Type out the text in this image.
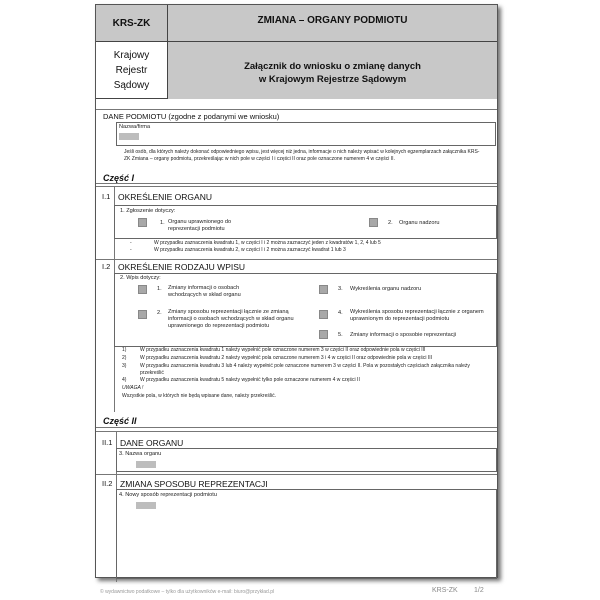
KRS-ZK
Krajowy
Rejestr
Sądowy
ZMIANA – ORGANY PODMIOTU
Załącznik do wniosku o zmianę danych
w Krajowym Rejestrze Sądowym
DANE PODMIOTU (zgodne z podanymi we wniosku)
Nazwa/firma
Jeśli osób, dla których należy dokonać odpowiedniego wpisu, jest więcej niż jedna, informacje o nich należy wpisać w kolejnych egzemplarzach załącznika KRS-ZK Zmiana – organy podmiotu, przekreślając w nich pole w części I i części II oraz pole oznaczone numerem 4 w części II.
Część I
I.1 OKREŚLENIE ORGANU
1. Zgłoszenie dotyczy:
1. Organu uprawnionego do reprezentacji podmiotu
2. Organu nadzoru
-	W przypadku zaznaczenia kwadratu 1, w części I i 2 można zaznaczyć jeden z kwadratów 1, 2, 4 lub 5
-	W przypadku zaznaczenia kwadratu 2, w części I i 2 można zaznaczyć kwadrat 1 lub 3
I.2 OKREŚLENIE RODZAJU WPISU
2. Wpis dotyczy:
1. Zmiany informacji o osobach wchodzących w skład organu
2. Zmiany sposobu reprezentacji łącznie ze zmianą informacji o osobach wchodzących w skład organu uprawnionego do reprezentacji podmiotu
3. Wykreślenia organu nadzoru
4. Wykreślenia sposobu reprezentacji łącznie z organem uprawnionym do reprezentacji podmiotu
5. Zmiany informacji o sposobie reprezentacji
1)	W przypadku zaznaczenia kwadratu 1 należy wypełnić pole oznaczone numerem 3 w części II oraz odpowiednie pola w części III
2)	W przypadku zaznaczenia kwadratu 2 należy wypełnić pola oznaczone numerem 3 i 4 w części II oraz odpowiednie pola w części III
3)	W przypadku zaznaczenia kwadratu 3 lub 4 należy wypełnić pole oznaczone numerem 3 w części II. Pola w pozostałych częściach załącznika należy przekreślić
4)	W przypadku zaznaczenia kwadratu 5 należy wypełnić tylko pole oznaczone numerem 4 w części II
UWAGA !
Wszystkie pola, w których nie będą wpisane dane, należy przekreślić.
Część II
II.1 DANE ORGANU
3. Nazwa organu
II.2 ZMIANA SPOSOBU REPREZENTACJI
4. Nowy sposób reprezentacji podmiotu
© wydawnictwo podatkowe – tylko dla użytkowników e-mail: biuro@przykład.pl	KRS-ZK 1/2
